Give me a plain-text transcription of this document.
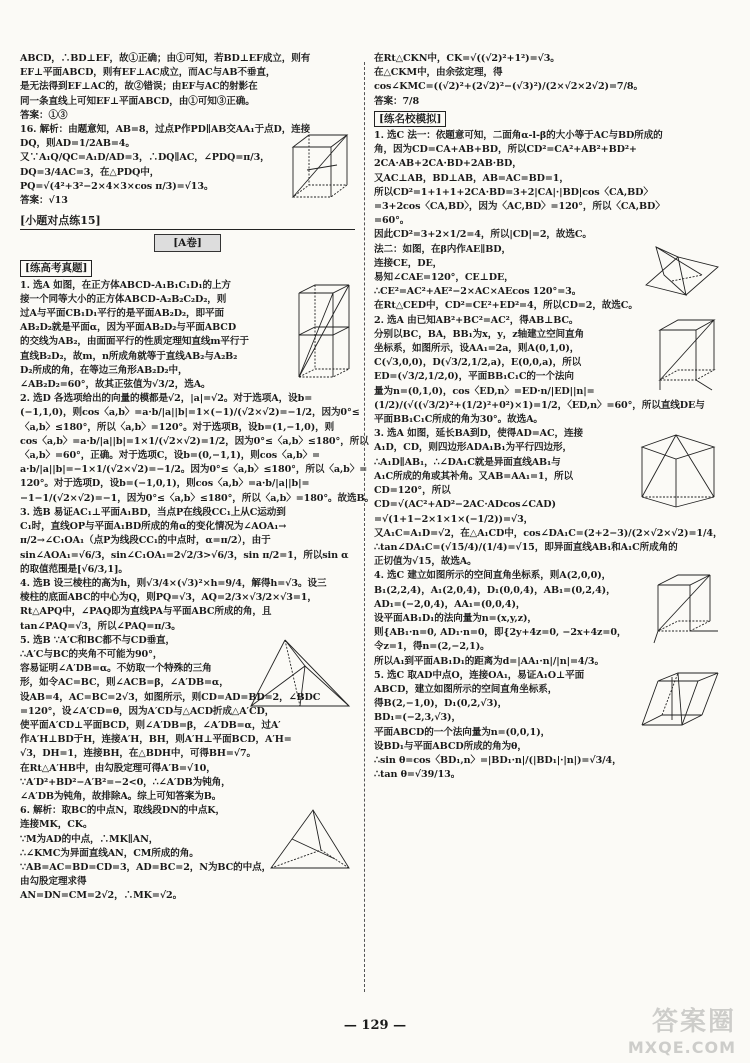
ABCD，∴BD⊥EF，故①正确；由①可知，若BD⊥EF成立，则有
EF⊥平面ABCD，则有EF⊥AC成立，而AC与AB不垂直，
是无法得到EF⊥AC的，故②错误；由EF与AC的射影在
同一条直线上可知EF⊥平面ABCD，由①可知③正确。
答案：①③
16. 解析：由题意知，AB=8，过点P作PD∥AB交AA₁于点D，连接
DQ，则AD=1/2AB=4。
又∵A₁Q/QC=A₁D/AD=3，∴DQ∥AC，∠PDQ=π/3，
DQ=3/4AC=3，在△PDQ中，
PQ=√(4²+3²−2×4×3×cos π/3)=√13。
答案：√13
[小题对点练15]
[A卷]
[练高考真题]
1. 选A 如图，在正方体ABCD-A₁B₁C₁D₁的上方
接一个同等大小的正方体ABCD-A₂B₂C₂D₂，则
过A与平面CB₁D₁平行的是平面AB₂D₂，即平面
AB₂D₂就是平面α，因为平面AB₂D₂与平面ABCD
的交线为AB₂，由面面平行的性质定理知直线m平行于
直线B₂D₂，故m，n所成角就等于直线AB₂与A₂B₂
D₂所成的角，在等边三角形AB₂D₂中，
∠AB₂D₂=60°，故其正弦值为√3/2，选A。
2. 选D 各选项给出的向量的模都是√2，|a|=√2。对于选项A，设b=
(−1,1,0)，则cos〈a,b〉=a·b/|a||b|=1×(−1)/(√2×√2)=−1/2，因为0°≤
〈a,b〉≤180°，所以〈a,b〉=120°。对于选项B，设b=(1,−1,0)，则
cos〈a,b〉=a·b/|a||b|=1×1/(√2×√2)=1/2，因为0°≤〈a,b〉≤180°，所以
〈a,b〉=60°，正确。对于选项C，设b=(0,−1,1)，则cos〈a,b〉=
a·b/|a||b|=−1×1/(√2×√2)=−1/2。因为0°≤〈a,b〉≤180°，所以〈a,b〉=
120°。对于选项D，设b=(−1,0,1)，则cos〈a,b〉=a·b/|a||b|=
−1−1/(√2×√2)=−1，因为0°≤〈a,b〉≤180°，所以〈a,b〉=180°。故选B。
3. 选B 易证AC₁⊥平面A₁BD，当点P在线段CC₁上从C运动到
C₁时，直线OP与平面A₁BD所成的角α的变化情况为∠AOA₁→
π/2→∠C₁OA₁（点P为线段CC₁的中点时，α=π/2），由于
sin∠AOA₁=√6/3，sin∠C₁OA₁=2√2/3>√6/3，sin π/2=1，所以sin α
的取值范围是[√6/3,1]。
4. 选B 设三棱柱的高为h，则√3/4×(√3)²×h=9/4，解得h=√3。设三
棱柱的底面ABC的中心为Q，则PQ=√3，AQ=2/3×√3/2×√3=1，
Rt△APQ中，∠PAQ即为直线PA与平面ABC所成的角，且
tan∠PAQ=√3，所以∠PAQ=π/3。
5. 选B ∵A′C和BC都不与CD垂直，
∴A′C与BC的夹角不可能为90°，
容易证明∠A′DB=α。不妨取一个特殊的三角
形，如令AC=BC，则∠ACB=β，∠A′DB=α，
设AB=4，AC=BC=2√3，如图所示，则CD=AD=BD=2，∠BDC
=120°，设∠A′CD=θ，因为A′CD与△ACD折成△A′CD，
使平面A′CD⊥平面BCD，则∠A′DB=β，∠A′DB=α，过A′
作A′H⊥BD于H，连接A′H，BH，则A′H⊥平面BCD，A′H=
√3，DH=1，连接BH，在△BDH中，可得BH=√7。
在Rt△A′HB中，由勾股定理可得A′B=√10，
∵A′D²+BD²−A′B²=−2<0，∴∠A′DB为钝角，
∠A′DB为钝角，故排除A。综上可知答案为B。
6. 解析：取BC的中点N，取线段DN的中点K，
连接MK，CK。
∵M为AD的中点，∴MK∥AN，
∴∠KMC为异面直线AN，CM所成的角。
∵AB=AC=BD=CD=3，AD=BC=2，N为BC的中点，
由勾股定理求得
AN=DN=CM=2√2，∴MK=√2。
在Rt△CKN中，CK=√((√2)²+1²)=√3。
在△CKM中，由余弦定理，得
cos∠KMC=((√2)²+(2√2)²−(√3)²)/(2×√2×2√2)=7/8。
答案：7/8
[练名校模拟]
1. 选C 法一：依题意可知，二面角α-l-β的大小等于AC与BD所成的
角，因为CD=CA+AB+BD，所以CD²=CA²+AB²+BD²+
2CA·AB+2CA·BD+2AB·BD，
又AC⊥AB，BD⊥AB，AB=AC=BD=1，
所以CD²=1+1+1+2CA·BD=3+2|CA|·|BD|cos〈CA,BD〉
=3+2cos〈CA,BD〉，因为〈AC,BD〉=120°，所以〈CA,BD〉
=60°。
因此CD²=3+2×1/2=4，所以|CD|=2，故选C。
法二：如图，在β内作AE∥BD，
连接CE，DE，
易知∠CAE=120°，CE⊥DE，
∴CE²=AC²+AE²−2×AC×AEcos 120°=3。
在Rt△CED中，CD²=CE²+ED²=4，所以CD=2，故选C。
2. 选A 由已知AB²+BC²=AC²，得AB⊥BC。
分别以BC，BA，BB₁为x，y，z轴建立空间直角
坐标系，如图所示，设AA₁=2a，则A(0,1,0)，
C(√3,0,0)，D(√3/2,1/2,a)，E(0,0,a)，所以
ED=(√3/2,1/2,0)，平面BB₁C₁C的一个法向
量为n=(0,1,0)，cos〈ED,n〉=ED·n/|ED||n|=
(1/2)/(√((√3/2)²+(1/2)²+0²)×1)=1/2，〈ED,n〉=60°，所以直线DE与
平面BB₁C₁C所成的角为30°。故选A。
3. 选A 如图，延长BA到D，使得AD=AC，连接
A₁D，CD，则四边形ADA₁B₁为平行四边形，
∴A₁D∥AB₁，∴∠DA₁C就是异面直线AB₁与
A₁C所成的角或其补角。又AB=AA₁=1，所以
CD=120°，所以
CD=√(AC²+AD²−2AC·ADcos∠CAD)
=√(1+1−2×1×1×(−1/2))=√3，
又A₁C=A₁D=√2，在△A₁CD中，cos∠DA₁C=(2+2−3)/(2×√2×√2)=1/4，
∴tan∠DA₁C=(√15/4)/(1/4)=√15，即异面直线AB₁和A₁C所成角的
正切值为√15，故选A。
4. 选C 建立如图所示的空间直角坐标系，则A(2,0,0)，
B₁(2,2,4)，A₁(2,0,4)，D₁(0,0,4)，AB₁=(0,2,4)，
AD₁=(−2,0,4)，AA₁=(0,0,4)，
设平面AB₁D₁的法向量为n=(x,y,z)，
则{AB₁·n=0, AD₁·n=0，即{2y+4z=0, −2x+4z=0，
令z=1，得n=(2,−2,1)。
所以A₁到平面AB₁D₁的距离为d=|AA₁·n|/|n|=4/3。
5. 选C 取AD中点O，连接OA₁，易证A₁O⊥平面
ABCD，建立如图所示的空间直角坐标系，
得B(2,−1,0)，D₁(0,2,√3)，
BD₁=(−2,3,√3)，
平面ABCD的一个法向量为n=(0,0,1)，
设BD₁与平面ABCD所成的角为θ，
∴sin θ=cos〈BD₁,n〉=|BD₁·n|/(|BD₁|·|n|)=√3/4，
∴tan θ=√39/13。
— 129 —	答案圈
MXQE.COM
